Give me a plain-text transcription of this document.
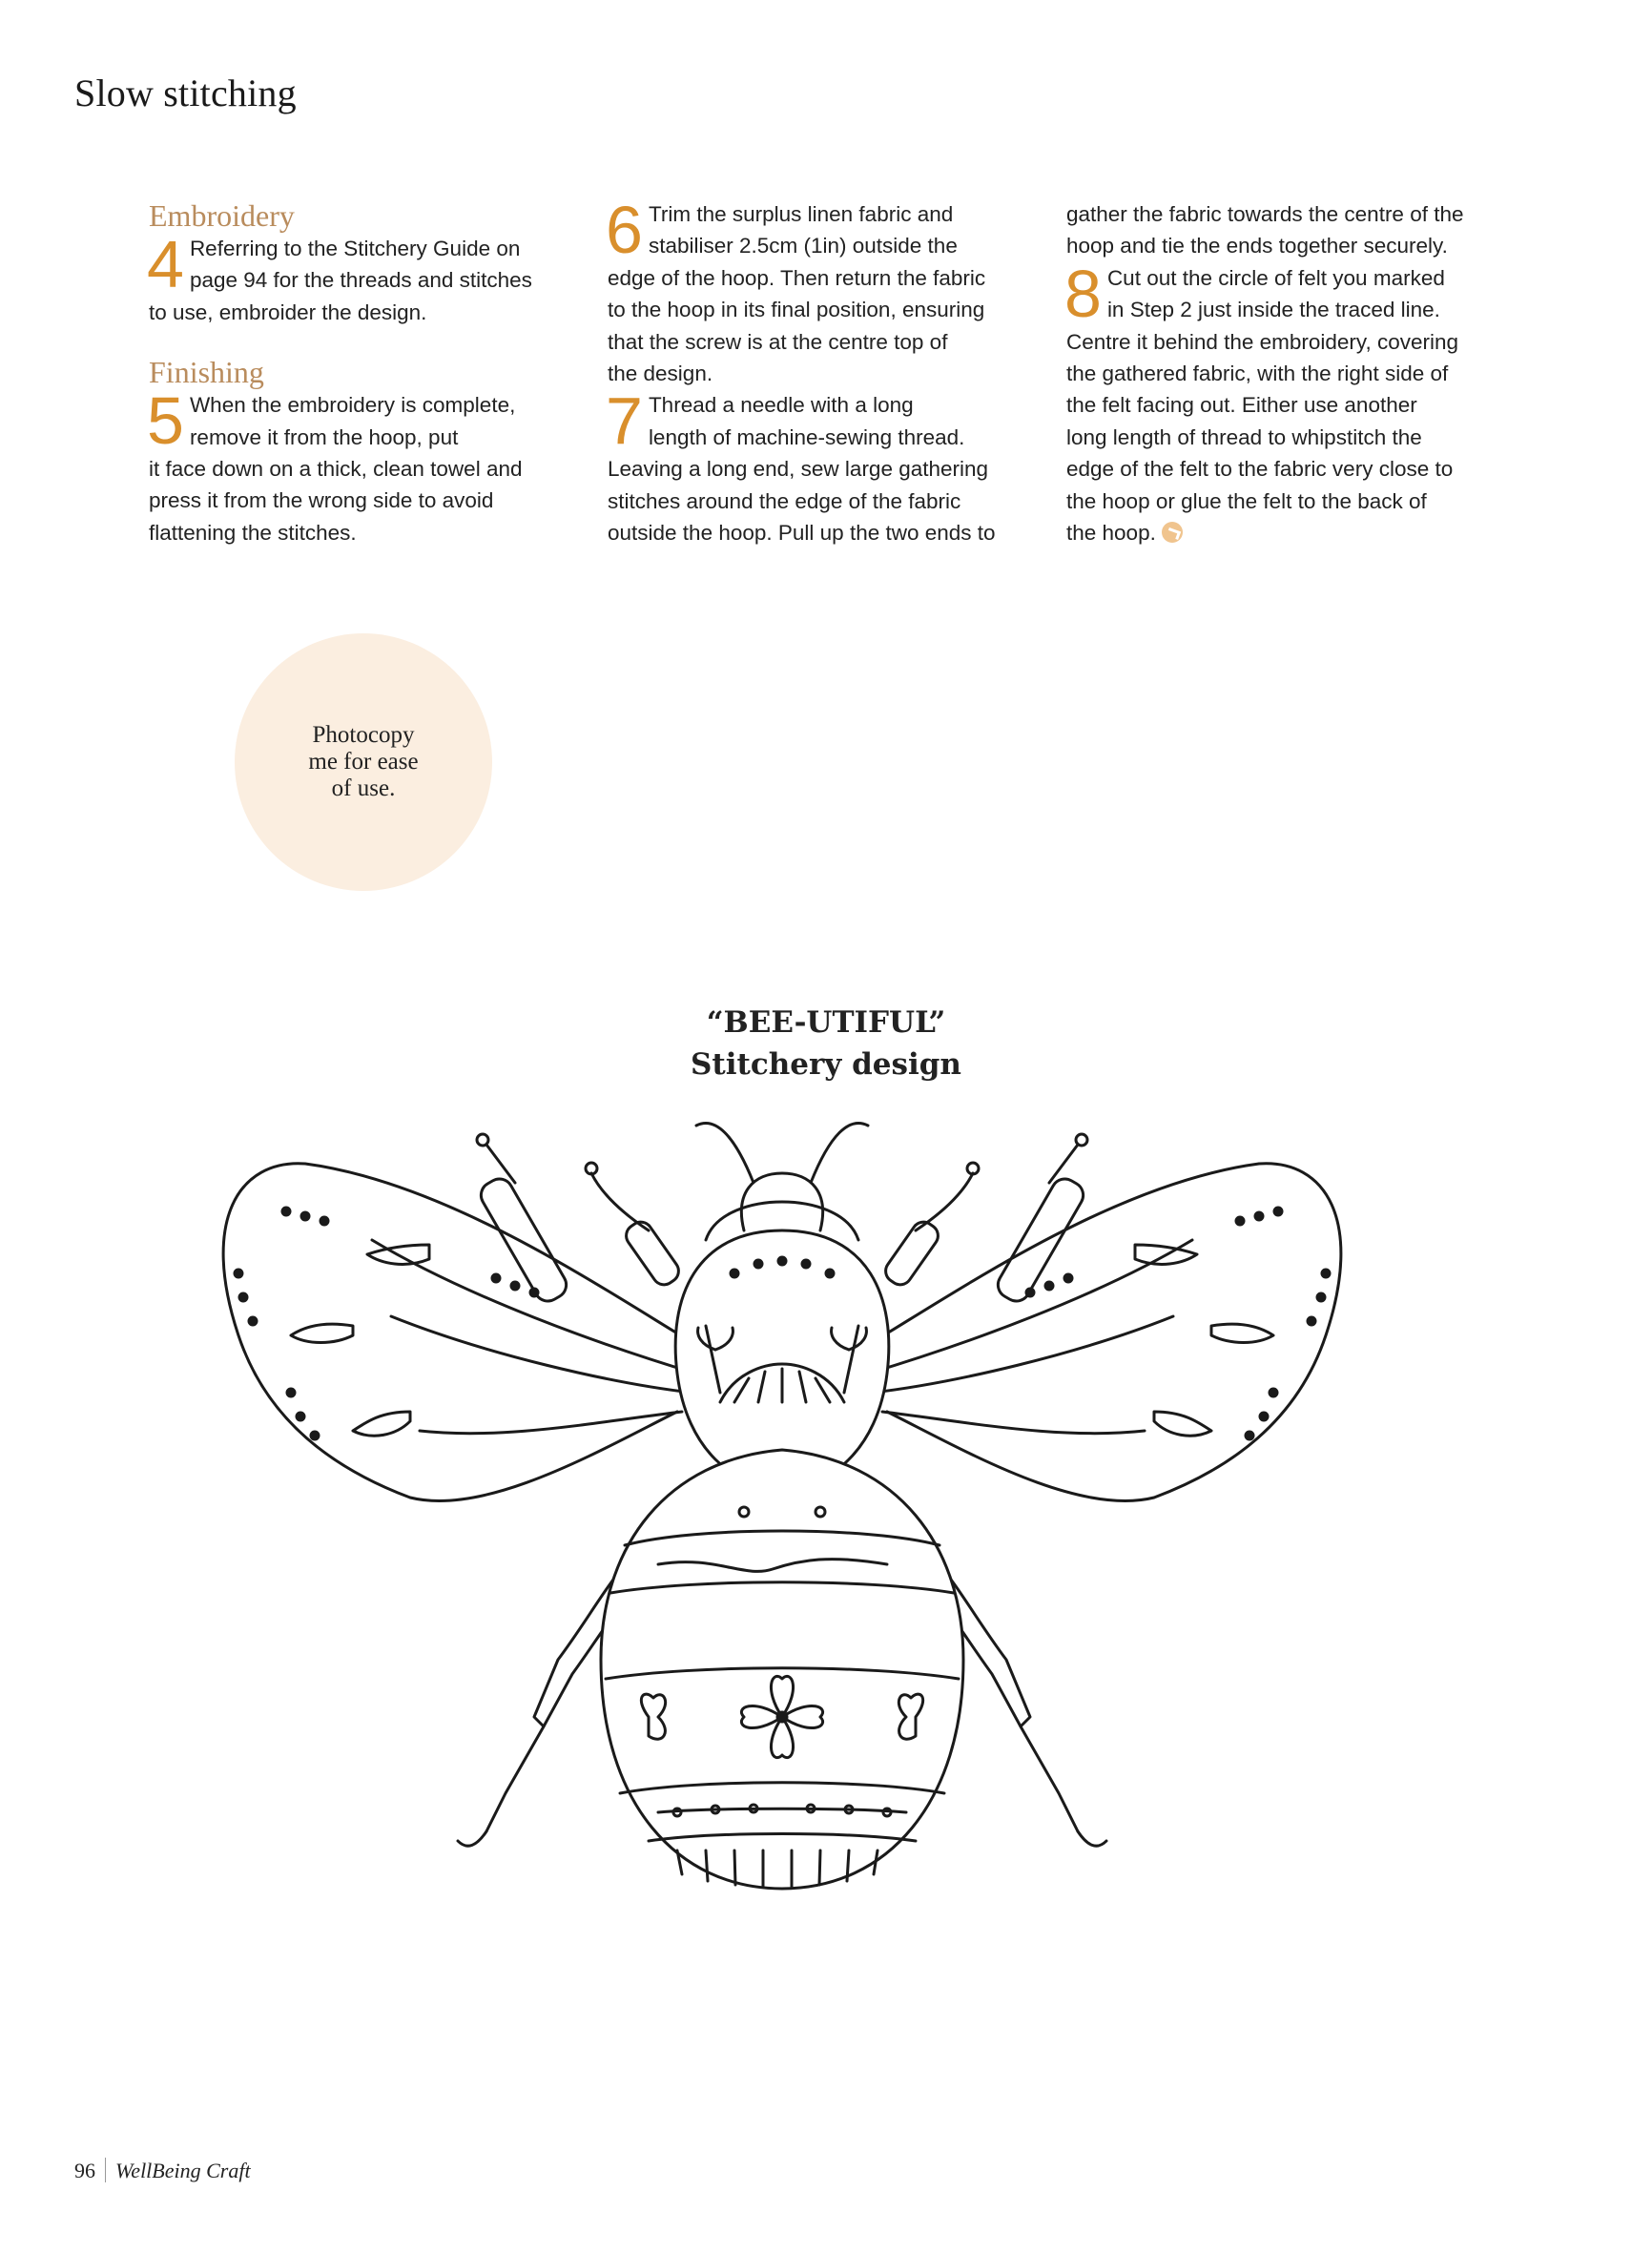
Slow stitching
Embroidery
4 Referring to the Stitchery Guide on
page 94 for the threads and stitches
to use, embroider the design.
Finishing
5 When the embroidery is complete,
remove it from the hoop, put
it face down on a thick, clean towel and
press it from the wrong side to avoid
flattening the stitches.
6 Trim the surplus linen fabric and
stabiliser 2.5cm (1in) outside the
edge of the hoop. Then return the fabric
to the hoop in its final position, ensuring
that the screw is at the centre top of
the design.
7 Thread a needle with a long
length of machine-sewing thread.
Leaving a long end, sew large gathering
stitches around the edge of the fabric
outside the hoop. Pull up the two ends to
gather the fabric towards the centre of the
hoop and tie the ends together securely.
8 Cut out the circle of felt you marked
in Step 2 just inside the traced line.
Centre it behind the embroidery, covering
the gathered fabric, with the right side of
the felt facing out. Either use another
long length of thread to whipstitch the
edge of the felt to the fabric very close to
the hoop or glue the felt to the back of
the hoop.
Photocopy
me for ease
of use.
“BEE-UTIFUL”
Stitchery design
96 WellBeing Craft
